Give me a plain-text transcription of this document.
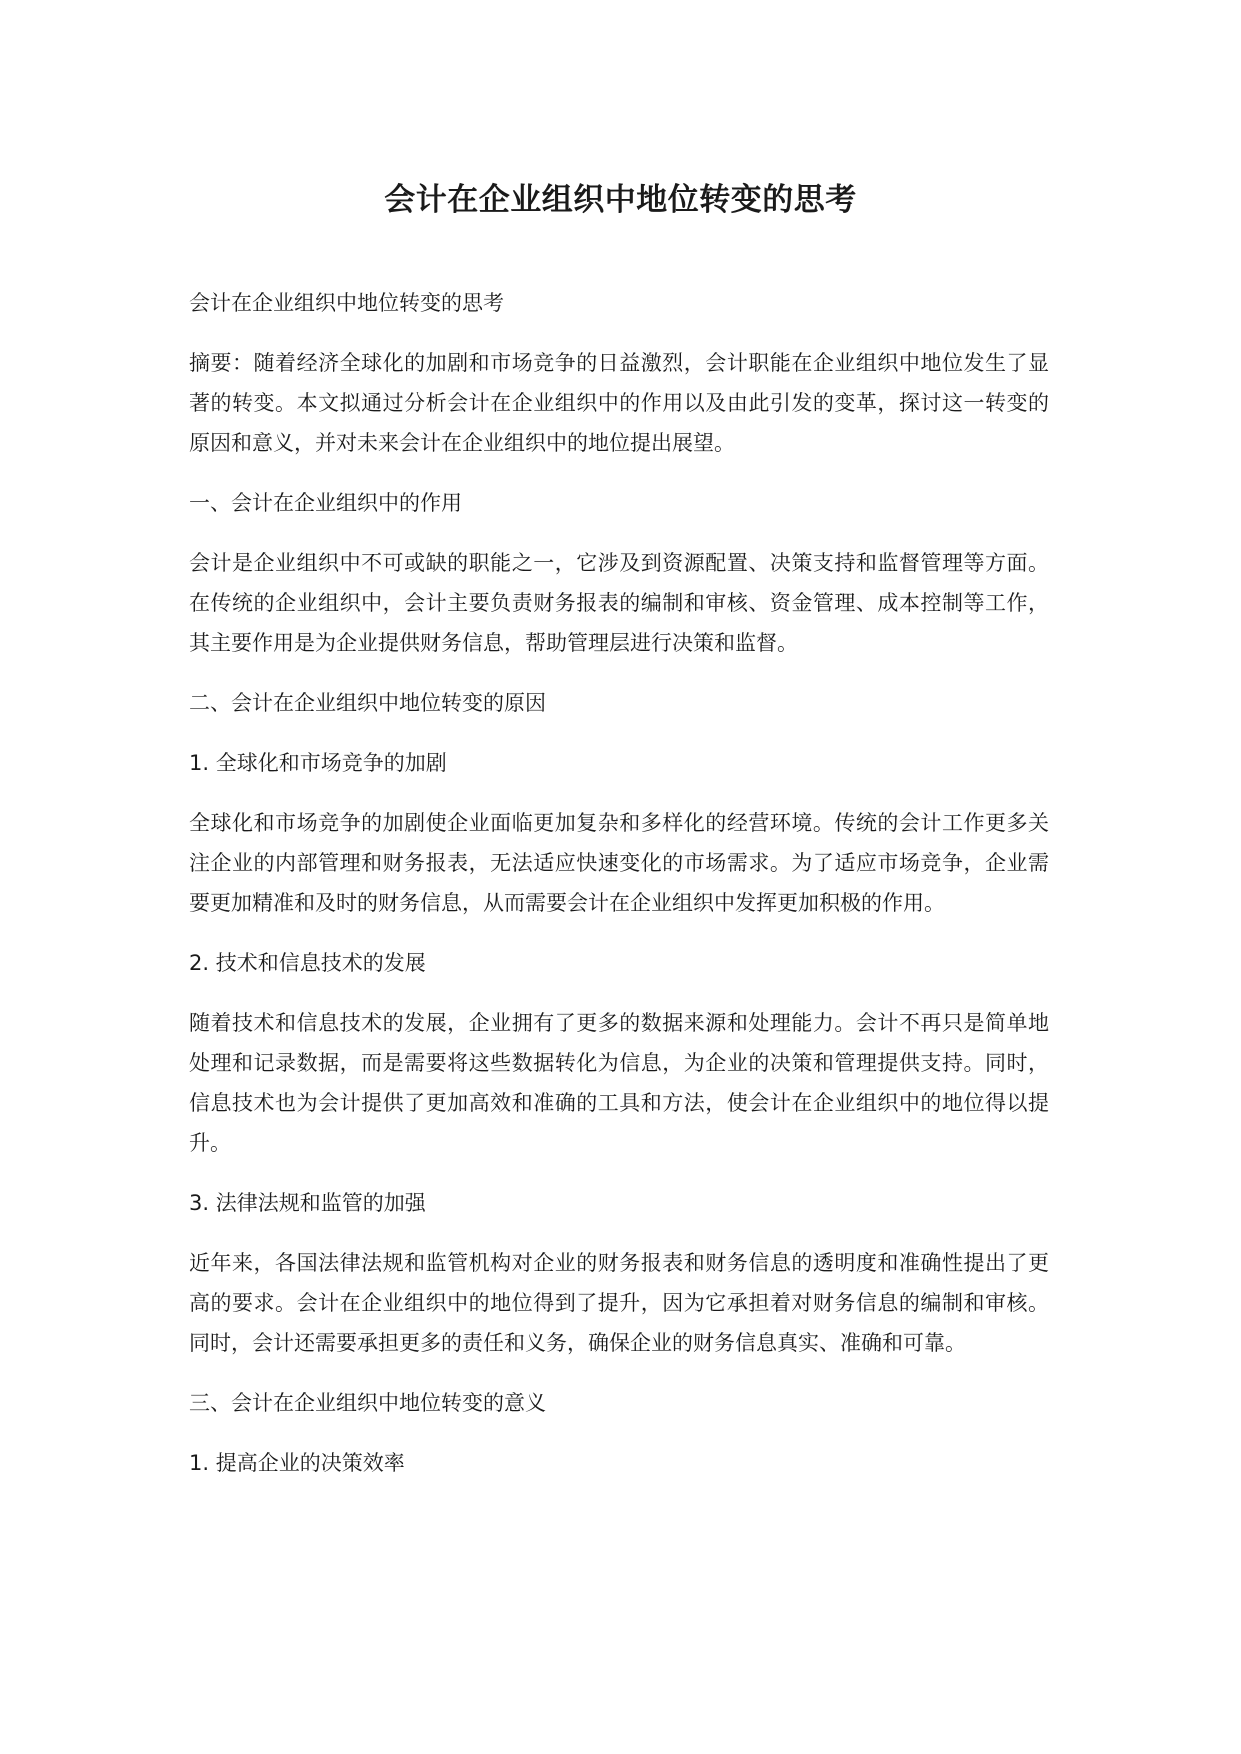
会计在企业组织中地位转变的思考

会计在企业组织中地位转变的思考

摘要：随着经济全球化的加剧和市场竞争的日益激烈，会计职能在企业组织中地位发生了显著的转变。本文拟通过分析会计在企业组织中的作用以及由此引发的变革，探讨这一转变的原因和意义，并对未来会计在企业组织中的地位提出展望。

一、会计在企业组织中的作用

会计是企业组织中不可或缺的职能之一，它涉及到资源配置、决策支持和监督管理等方面。在传统的企业组织中，会计主要负责财务报表的编制和审核、资金管理、成本控制等工作，其主要作用是为企业提供财务信息，帮助管理层进行决策和监督。

二、会计在企业组织中地位转变的原因

1. 全球化和市场竞争的加剧

全球化和市场竞争的加剧使企业面临更加复杂和多样化的经营环境。传统的会计工作更多关注企业的内部管理和财务报表，无法适应快速变化的市场需求。为了适应市场竞争，企业需要更加精准和及时的财务信息，从而需要会计在企业组织中发挥更加积极的作用。

2. 技术和信息技术的发展

随着技术和信息技术的发展，企业拥有了更多的数据来源和处理能力。会计不再只是简单地处理和记录数据，而是需要将这些数据转化为信息，为企业的决策和管理提供支持。同时，信息技术也为会计提供了更加高效和准确的工具和方法，使会计在企业组织中的地位得以提升。

3. 法律法规和监管的加强

近年来，各国法律法规和监管机构对企业的财务报表和财务信息的透明度和准确性提出了更高的要求。会计在企业组织中的地位得到了提升，因为它承担着对财务信息的编制和审核。同时，会计还需要承担更多的责任和义务，确保企业的财务信息真实、准确和可靠。

三、会计在企业组织中地位转变的意义

1. 提高企业的决策效率
